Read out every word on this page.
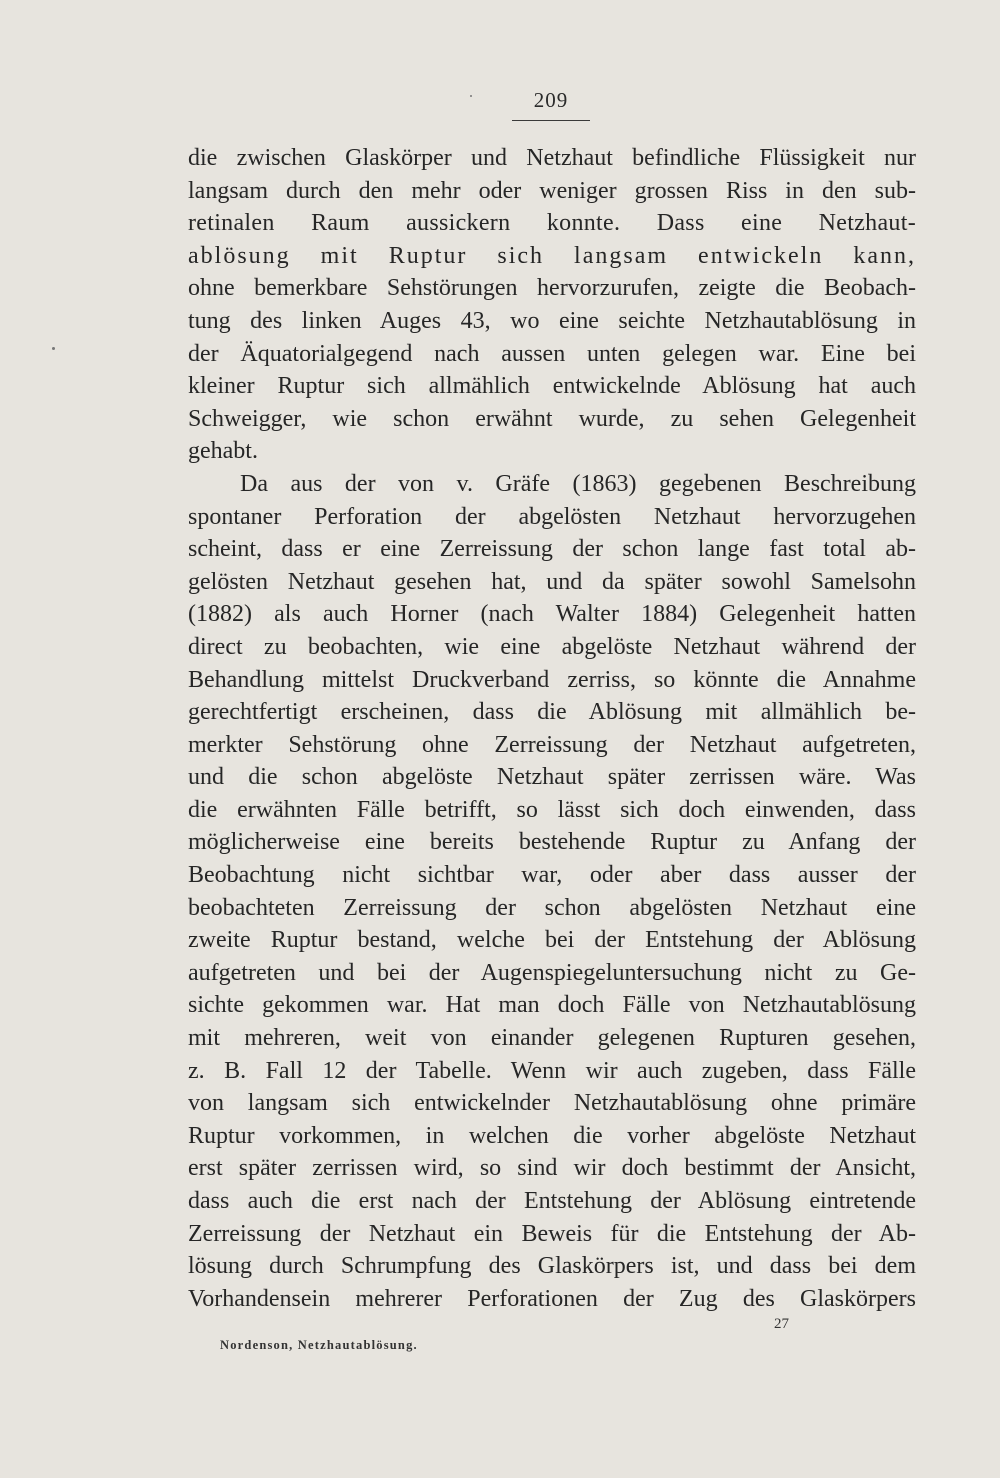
209
die zwischen Glaskörper und Netzhaut befindliche Flüssigkeit nur
langsam durch den mehr oder weniger grossen Riss in den sub-
retinalen Raum aussickern konnte. Dass eine Netzhaut-
ablösung mit Ruptur sich langsam entwickeln kann,
ohne bemerkbare Sehstörungen hervorzurufen, zeigte die Beobach-
tung des linken Auges 43, wo eine seichte Netzhautablösung in
der Äquatorialgegend nach aussen unten gelegen war. Eine bei
kleiner Ruptur sich allmählich entwickelnde Ablösung hat auch
Schweigger, wie schon erwähnt wurde, zu sehen Gelegenheit
gehabt.
Da aus der von v. Gräfe (1863) gegebenen Beschreibung
spontaner Perforation der abgelösten Netzhaut hervorzugehen
scheint, dass er eine Zerreissung der schon lange fast total ab-
gelösten Netzhaut gesehen hat, und da später sowohl Samelsohn
(1882) als auch Horner (nach Walter 1884) Gelegenheit hatten
direct zu beobachten, wie eine abgelöste Netzhaut während der
Behandlung mittelst Druckverband zerriss, so könnte die Annahme
gerechtfertigt erscheinen, dass die Ablösung mit allmählich be-
merkter Sehstörung ohne Zerreissung der Netzhaut aufgetreten,
und die schon abgelöste Netzhaut später zerrissen wäre. Was
die erwähnten Fälle betrifft, so lässt sich doch einwenden, dass
möglicherweise eine bereits bestehende Ruptur zu Anfang der
Beobachtung nicht sichtbar war, oder aber dass ausser der
beobachteten Zerreissung der schon abgelösten Netzhaut eine
zweite Ruptur bestand, welche bei der Entstehung der Ablösung
aufgetreten und bei der Augenspiegeluntersuchung nicht zu Ge-
sichte gekommen war. Hat man doch Fälle von Netzhautablösung
mit mehreren, weit von einander gelegenen Rupturen gesehen,
z. B. Fall 12 der Tabelle. Wenn wir auch zugeben, dass Fälle
von langsam sich entwickelnder Netzhautablösung ohne primäre
Ruptur vorkommen, in welchen die vorher abgelöste Netzhaut
erst später zerrissen wird, so sind wir doch bestimmt der Ansicht,
dass auch die erst nach der Entstehung der Ablösung eintretende
Zerreissung der Netzhaut ein Beweis für die Entstehung der Ab-
lösung durch Schrumpfung des Glaskörpers ist, und dass bei dem
Vorhandensein mehrerer Perforationen der Zug des Glaskörpers
Nordenson, Netzhautablösung.
27
